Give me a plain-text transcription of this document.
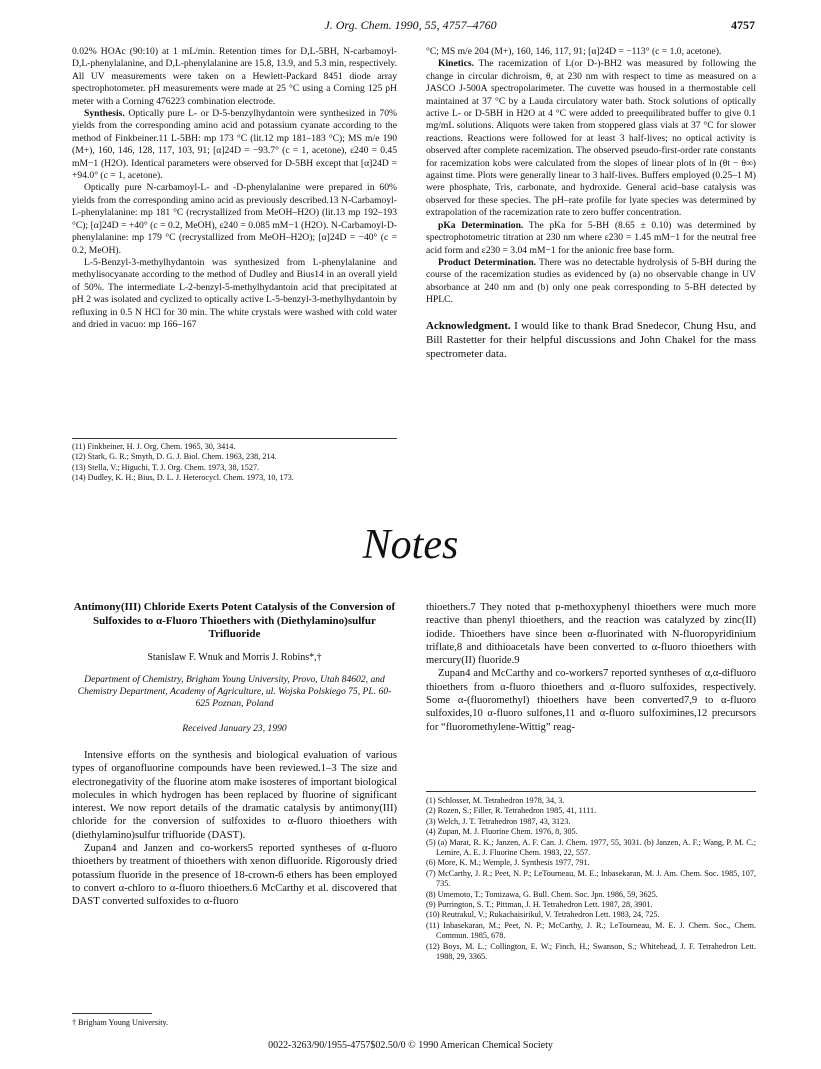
J. Org. Chem. 1990, 55, 4757–4760	4757

0.02% HOAc (90:10) at 1 mL/min. Retention times for D,L-5BH, N-carbamoyl-D,L-phenylalanine, and D,L-phenylalanine are 15.8, 13.9, and 5.3 min, respectively. All UV measurements were taken on a Hewlett-Packard 8451 diode array spectrophotometer. pH measurements were made at 25 °C using a Corning 125 pH meter with a Corning 476223 combination electrode.

Synthesis. Optically pure L- or D-5-benzylhydantoin were synthesized in 70% yields from the corresponding amino acid and potassium cyanate according to the method of Finkbeiner.11 L-5BH: mp 173 °C (lit.12 mp 181–183 °C); MS m/e 190 (M+), 160, 146, 128, 117, 103, 91; [α]24D = −93.7° (c = 1, acetone), ε240 = 0.45 mM−1 (H2O). Identical parameters were observed for D-5BH except that [α]24D = +94.0° (c = 1, acetone).

Optically pure N-carbamoyl-L- and -D-phenylalanine were prepared in 60% yields from the corresponding amino acid as previously described.13 N-Carbamoyl-L-phenylalanine: mp 181 °C (recrystallized from MeOH–H2O) (lit.13 mp 192–193 °C); [α]24D = +40° (c = 0.2, MeOH), ε240 = 0.085 mM−1 (H2O). N-Carbamoyl-D-phenylalanine: mp 179 °C (recrystallized from MeOH–H2O); [α]24D = −40° (c = 0.2, MeOH).

L-5-Benzyl-3-methylhydantoin was synthesized from L-phenylalanine and methylisocyanate according to the method of Dudley and Bius14 in an overall yield of 50%. The intermediate L-2-benzyl-5-methylhydantoin acid that precipitated at pH 2 was isolated and cyclized to optically active L-5-benzyl-3-methylhydantoin by refluxing in 0.5 N HCl for 30 min. The white crystals were washed with cold water and dried in vacuo: mp 166–167

(11) Finkbeiner, H. J. Org. Chem. 1965, 30, 3414.
(12) Stark, G. R.; Smyth, D. G. J. Biol. Chem. 1963, 238, 214.
(13) Stella, V.; Higuchi, T. J. Org. Chem. 1973, 38, 1527.
(14) Dudley, K. H.; Bius, D. L. J. Heterocycl. Chem. 1973, 10, 173.

°C; MS m/e 204 (M+), 160, 146, 117, 91; [α]24D = −113° (c = 1.0, acetone).

Kinetics. The racemization of L(or D-)-BH2 was measured by following the change in circular dichroism, θ, at 230 nm with respect to time as measured on a JASCO J-500A spectropolarimeter. The cuvette was housed in a thermostable cell maintained at 37 °C by a Lauda circulatory water bath. Stock solutions of optically active L- or D-5BH in H2O at 4 °C were added to preequilibrated buffer to give 0.1 mg/mL solutions. Aliquots were taken from stoppered glass vials at 37 °C for slower reactions. Reactions were followed for at least 3 half-lives; no optical activity is observed after complete racemization. The observed pseudo-first-order rate constants for racemization kobs were calculated from the slopes of linear plots of ln (θt − θ∞) against time. Plots were generally linear to 3 half-lives. Buffers employed (0.25–1 M) were phosphate, Tris, carbonate, and hydroxide. General acid–base catalysis was observed for these species. The pH–rate profile for lyate species was determined by extrapolation of the racemization rate to zero buffer concentration.

pKa Determination. The pKa for 5-BH (8.65 ± 0.10) was determined by spectrophotometric titration at 230 nm where ε230 = 1.45 mM−1 for the neutral free acid form and ε230 = 3.04 mM−1 for the anionic free base form.

Product Determination. There was no detectable hydrolysis of 5-BH during the course of the racemization studies as evidenced by (a) no observable change in UV absorbance at 240 nm and (b) only one peak corresponding to 5-BH detected by HPLC.

Acknowledgment. I would like to thank Brad Snedecor, Chung Hsu, and Bill Rastetter for their helpful discussions and John Chakel for the mass spectrometer data.

Notes
Antimony(III) Chloride Exerts Potent Catalysis of the Conversion of Sulfoxides to α-Fluoro Thioethers with (Diethylamino)sulfur Trifluoride
Stanislaw F. Wnuk and Morris J. Robins*,†
Department of Chemistry, Brigham Young University, Provo, Utah 84602, and Chemistry Department, Academy of Agriculture, ul. Wojska Polskiego 75, PL. 60-625 Poznan, Poland
Received January 23, 1990

Intensive efforts on the synthesis and biological evaluation of various types of organofluorine compounds have been reviewed.1–3 The size and electronegativity of the fluorine atom make isosteres of important biological molecules in which hydrogen has been replaced by fluorine of significant interest. We now report details of the dramatic catalysis by antimony(III) chloride for the conversion of sulfoxides to α-fluoro thioethers with (diethylamino)sulfur trifluoride (DAST).

Zupan4 and Janzen and co-workers5 reported syntheses of α-fluoro thioethers by treatment of thioethers with xenon difluoride. Rigorously dried potassium fluoride in the presence of 18-crown-6 ethers has been employed to convert α-chloro to α-fluoro thioethers.6 McCarthy et al. discovered that DAST converted sulfoxides to α-fluoro

† Brigham Young University.

thioethers.7 They noted that p-methoxyphenyl thioethers were much more reactive than phenyl thioethers, and the reaction was catalyzed by zinc(II) iodide. Thioethers have since been α-fluorinated with N-fluoropyridinium triflate,8 and dithioacetals have been converted to α-fluoro thioethers with mercury(II) fluoride.9

Zupan4 and McCarthy and co-workers7 reported syntheses of α,α-difluoro thioethers from α-fluoro thioethers and α-fluoro sulfoxides, respectively. Some α-(fluoromethyl) thioethers have been converted7,9 to α-fluoro sulfoxides,10 α-fluoro sulfones,11 and α-fluoro sulfoximines,12 precursors for “fluoromethylene-Wittig” reag-

(1) Schlosser, M. Tetrahedron 1978, 34, 3.
(2) Rozen, S.; Filler, R. Tetrahedron 1985, 41, 1111.
(3) Welch, J. T. Tetrahedron 1987, 43, 3123.
(4) Zupan, M. J. Fluorine Chem. 1976, 8, 305.
(5) (a) Marat, R. K.; Janzen, A. F. Can. J. Chem. 1977, 55, 3031. (b) Janzen, A. F.; Wang, P. M. C.; Lemire, A. E. J. Fluorine Chem. 1983, 22, 557.
(6) More, K. M.; Wemple, J. Synthesis 1977, 791.
(7) McCarthy, J. R.; Peet, N. P.; LeTourneau, M. E.; Inbasekaran, M. J. Am. Chem. Soc. 1985, 107, 735.
(8) Umemoto, T.; Tomizawa, G. Bull. Chem. Soc. Jpn. 1986, 59, 3625.
(9) Purrington, S. T.; Pittman, J. H. Tetrahedron Lett. 1987, 28, 3901.
(10) Reutrakul, V.; Rukachaisirikul, V. Tetrahedron Lett. 1983, 24, 725.
(11) Inbasekaran, M.; Peet, N. P.; McCarthy, J. R.; LeTourneau, M. E. J. Chem. Soc., Chem. Commun. 1985, 678.
(12) Boys, M. L.; Collington, E. W.; Finch, H.; Swanson, S.; Whitehead, J. F. Tetrahedron Lett. 1988, 29, 3365.
0022-3263/90/1955-4757$02.50/0 © 1990 American Chemical Society
